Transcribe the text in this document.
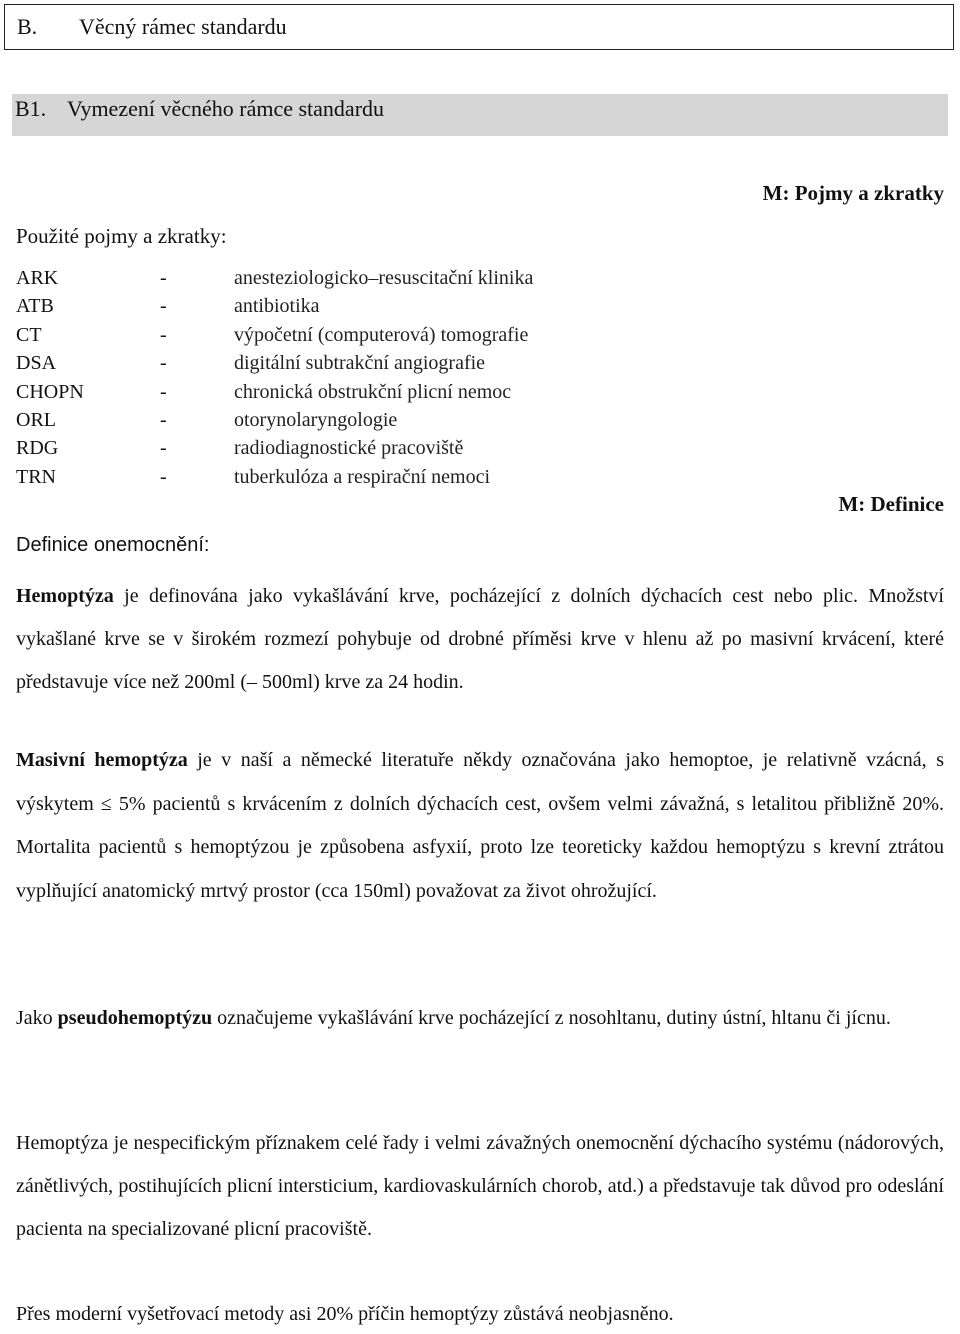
B. Věcný rámec standardu
B1. Vymezení věcného rámce standardu
M: Pojmy a zkratky
Použité pojmy a zkratky:
ARK	-	anesteziologicko–resuscitační klinika
ATB	-	antibiotika
CT	-	výpočetní (computerová) tomografie
DSA	-	digitální subtrakční angiografie
CHOPN	-	chronická obstrukční plicní nemoc
ORL	-	otorynolaryngologie
RDG	-	radiodiagnostické pracoviště
TRN	-	tuberkulóza a respirační nemoci
M: Definice
Definice onemocnění:

Hemoptýza je definována jako vykašlávání krve, pocházející z dolních dýchacích cest nebo plic. Množství vykašlané krve se v širokém rozmezí pohybuje od drobné příměsi krve v hlenu až po masivní krvácení, které představuje více než 200ml (– 500ml) krve za 24 hodin.

Masivní hemoptýza je v naší a německé literatuře někdy označována jako hemoptoe, je relativně vzácná, s výskytem ≤ 5% pacientů s krvácením z dolních dýchacích cest, ovšem velmi závažná, s letalitou přibližně 20%. Mortalita pacientů s hemoptýzou je způsobena asfyxií, proto lze teoreticky každou hemoptýzu s krevní ztrátou vyplňující anatomický mrtvý prostor (cca 150ml) považovat za život ohrožující.

Jako pseudohemoptýzu označujeme vykašlávání krve pocházející z nosohltanu, dutiny ústní, hltanu či jícnu.

Hemoptýza je nespecifickým příznakem celé řady i velmi závažných onemocnění dýchacího systému (nádorových, zánětlivých, postihujících plicní intersticium, kardiovaskulárních chorob, atd.) a představuje tak důvod pro odeslání pacienta na specializované plicní pracoviště.

Přes moderní vyšetřovací metody asi 20% příčin hemoptýzy zůstává neobjasněno.
